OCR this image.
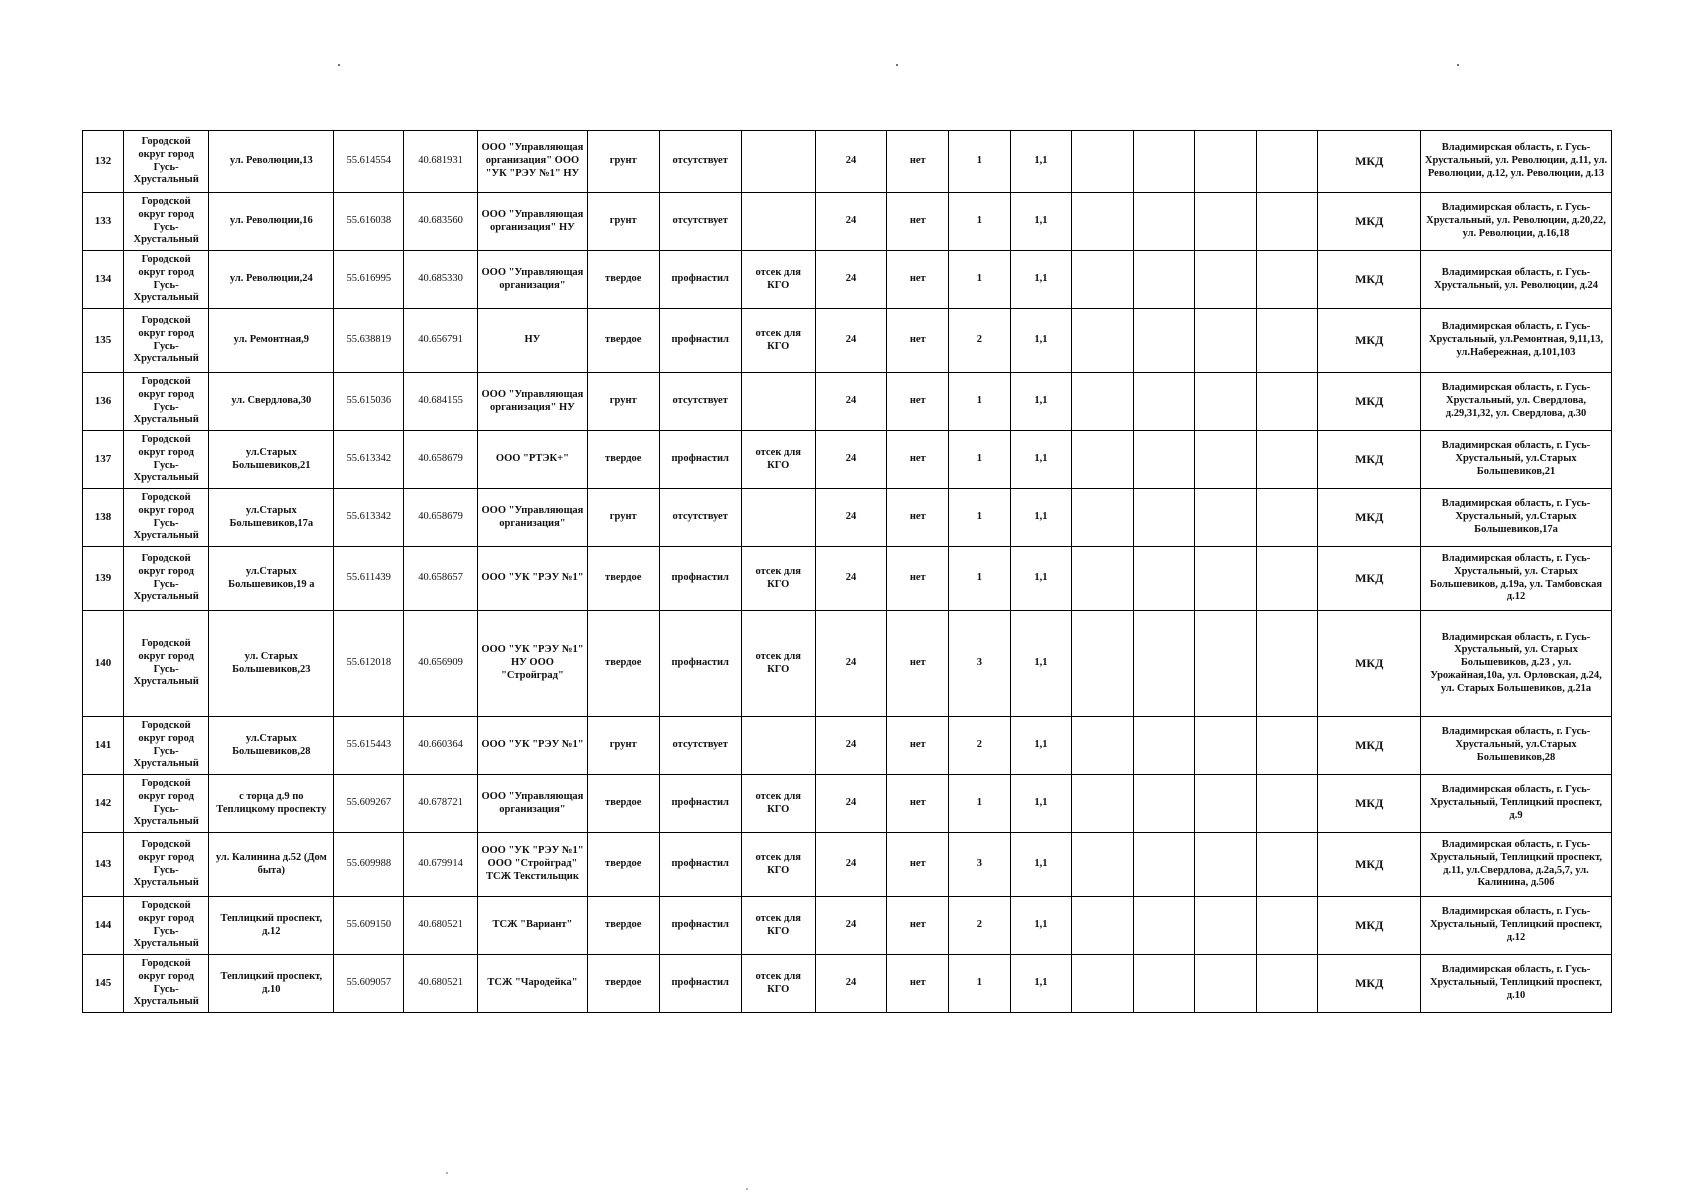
132	Городской округ город Гусь-Хрустальный	ул. Революции,13	55.614554	40.681931	ООО "Управляющая организация" ООО "УК "РЭУ №1" НУ	грунт	отсутствует		24	нет	1	1,1					МКД	Владимирская область, г. Гусь-Хрустальный, ул. Революции, д.11, ул. Революции, д.12, ул. Революции, д.13
133	Городской округ город Гусь-Хрустальный	ул. Революции,16	55.616038	40.683560	ООО "Управляющая организация" НУ	грунт	отсутствует		24	нет	1	1,1					МКД	Владимирская область, г. Гусь-Хрустальный, ул. Революции, д.20,22, ул. Революции, д.16,18
134	Городской округ город Гусь-Хрустальный	ул. Революции,24	55.616995	40.685330	ООО "Управляющая организация"	твердое	профнастил	отсек для КГО	24	нет	1	1,1					МКД	Владимирская область, г. Гусь-Хрустальный, ул. Революции, д.24
135	Городской округ город Гусь-Хрустальный	ул. Ремонтная,9	55.638819	40.656791	НУ	твердое	профнастил	отсек для КГО	24	нет	2	1,1					МКД	Владимирская область, г. Гусь-Хрустальный, ул.Ремонтная, 9,11,13, ул.Набережная, д.101,103
136	Городской округ город Гусь-Хрустальный	ул. Свердлова,30	55.615036	40.684155	ООО "Управляющая организация" НУ	грунт	отсутствует		24	нет	1	1,1					МКД	Владимирская область, г. Гусь-Хрустальный, ул. Свердлова, д.29,31,32, ул. Свердлова, д.30
137	Городской округ город Гусь-Хрустальный	ул.Старых Большевиков,21	55.613342	40.658679	ООО "РТЭК+"	твердое	профнастил	отсек для КГО	24	нет	1	1,1					МКД	Владимирская область, г. Гусь-Хрустальный, ул.Старых Большевиков,21
138	Городской округ город Гусь-Хрустальный	ул.Старых Большевиков,17а	55.613342	40.658679	ООО "Управляющая организация"	грунт	отсутствует		24	нет	1	1,1					МКД	Владимирская область, г. Гусь-Хрустальный, ул.Старых Большевиков,17а
139	Городской округ город Гусь-Хрустальный	ул.Старых Большевиков,19 а	55.611439	40.658657	ООО "УК "РЭУ №1"	твердое	профнастил	отсек для КГО	24	нет	1	1,1					МКД	Владимирская область, г. Гусь-Хрустальный, ул. Старых Большевиков, д.19а, ул. Тамбовская д.12
140	Городской округ город Гусь-Хрустальный	ул. Старых Большевиков,23	55.612018	40.656909	ООО "УК "РЭУ №1" НУ ООО "Стройград"	твердое	профнастил	отсек для КГО	24	нет	3	1,1					МКД	Владимирская область, г. Гусь-Хрустальный, ул. Старых Большевиков, д.23 , ул. Урожайная,10а, ул. Орловская, д.24, ул. Старых Большевиков, д.21а
141	Городской округ город Гусь-Хрустальный	ул.Старых Большевиков,28	55.615443	40.660364	ООО "УК "РЭУ №1"	грунт	отсутствует		24	нет	2	1,1					МКД	Владимирская область, г. Гусь-Хрустальный, ул.Старых Большевиков,28
142	Городской округ город Гусь-Хрустальный	с торца д.9 по Теплицкому проспекту	55.609267	40.678721	ООО "Управляющая организация"	твердое	профнастил	отсек для КГО	24	нет	1	1,1					МКД	Владимирская область, г. Гусь-Хрустальный, Теплицкий проспект, д.9
143	Городской округ город Гусь-Хрустальный	ул. Калинина д.52 (Дом быта)	55.609988	40.679914	ООО "УК "РЭУ №1" ООО "Стройград" ТСЖ Текстильщик	твердое	профнастил	отсек для КГО	24	нет	3	1,1					МКД	Владимирская область, г. Гусь-Хрустальный, Теплицкий проспект, д.11, ул.Свердлова, д.2а,5,7, ул. Калинина, д.50б
144	Городской округ город Гусь-Хрустальный	Теплицкий проспект, д.12	55.609150	40.680521	ТСЖ "Вариант"	твердое	профнастил	отсек для КГО	24	нет	2	1,1					МКД	Владимирская область, г. Гусь-Хрустальный, Теплицкий проспект, д.12
145	Городской округ город Гусь-Хрустальный	Теплицкий проспект, д.10	55.609057	40.680521	ТСЖ "Чародейка"	твердое	профнастил	отсек для КГО	24	нет	1	1,1					МКД	Владимирская область, г. Гусь-Хрустальный, Теплицкий проспект, д.10
